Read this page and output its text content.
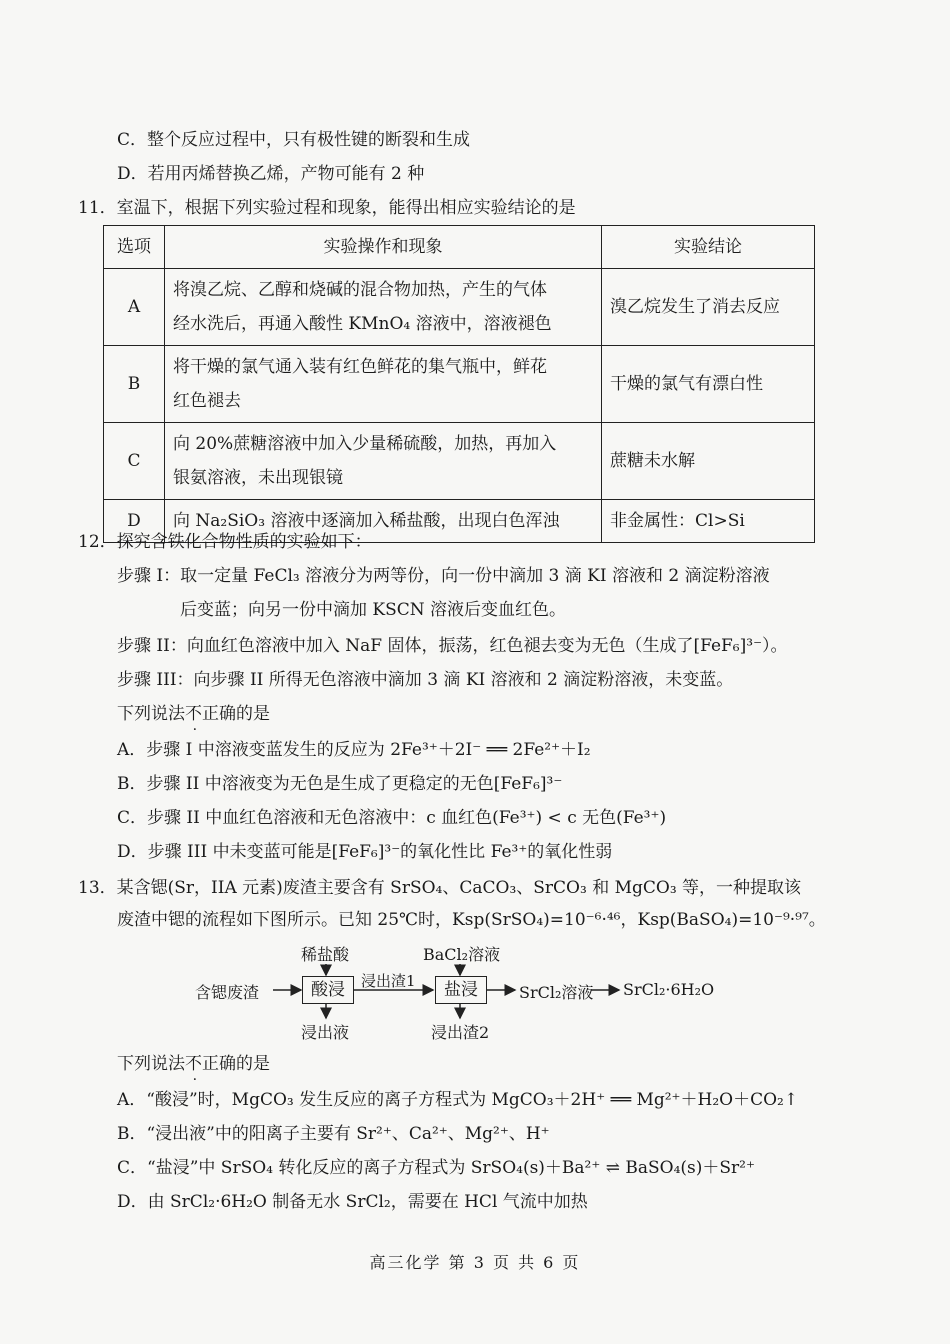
C．整个反应过程中，只有极性键的断裂和生成
D．若用丙烯替换乙烯，产物可能有 2 种
11．室温下，根据下列实验过程和现象，能得出相应实验结论的是
选项	实验操作和现象	实验结论
A	将溴乙烷、乙醇和烧碱的混合物加热，产生的气体
经水洗后，再通入酸性 KMnO₄ 溶液中，溶液褪色	溴乙烷发生了消去反应
B	将干燥的氯气通入装有红色鲜花的集气瓶中，鲜花
红色褪去	干燥的氯气有漂白性
C	向 20%蔗糖溶液中加入少量稀硫酸，加热，再加入
银氨溶液，未出现银镜	蔗糖未水解
D	向 Na₂SiO₃ 溶液中逐滴加入稀盐酸，出现白色浑浊	非金属性：Cl>Si
12．探究含铁化合物性质的实验如下：
步骤 I：取一定量 FeCl₃ 溶液分为两等份，向一份中滴加 3 滴 KI 溶液和 2 滴淀粉溶液
后变蓝；向另一份中滴加 KSCN 溶液后变血红色。
步骤 II：向血红色溶液中加入 NaF 固体，振荡，红色褪去变为无色（生成了[FeF₆]³⁻）。
步骤 III：向步骤 II 所得无色溶液中滴加 3 滴 KI 溶液和 2 滴淀粉溶液，未变蓝。
下列说法不正确的是
A．步骤 I 中溶液变蓝发生的反应为 2Fe³⁺＋2I⁻ ══ 2Fe²⁺＋I₂
B．步骤 II 中溶液变为无色是生成了更稳定的无色[FeF₆]³⁻
C．步骤 II 中血红色溶液和无色溶液中：c 血红色(Fe³⁺) < c 无色(Fe³⁺)
D．步骤 III 中未变蓝可能是[FeF₆]³⁻的氧化性比 Fe³⁺的氧化性弱
13．某含锶(Sr，IIA 元素)废渣主要含有 SrSO₄、CaCO₃、SrCO₃ 和 MgCO₃ 等，一种提取该
废渣中锶的流程如下图所示。已知 25℃时，Ksp(SrSO₄)=10⁻⁶·⁴⁶，Ksp(BaSO₄)=10⁻⁹·⁹⁷。
含锶废渣
稀盐酸
酸浸
浸出液
浸出渣1
BaCl₂溶液
盐浸
浸出渣2
SrCl₂溶液 SrCl₂·6H₂O
下列说法不正确的是
A．“酸浸”时，MgCO₃ 发生反应的离子方程式为 MgCO₃＋2H⁺ ══ Mg²⁺＋H₂O＋CO₂↑
B．“浸出液”中的阳离子主要有 Sr²⁺、Ca²⁺、Mg²⁺、H⁺
C．“盐浸”中 SrSO₄ 转化反应的离子方程式为 SrSO₄(s)＋Ba²⁺ ⇌ BaSO₄(s)＋Sr²⁺
D．由 SrCl₂·6H₂O 制备无水 SrCl₂，需要在 HCl 气流中加热
高三化学 第 3 页 共 6 页
